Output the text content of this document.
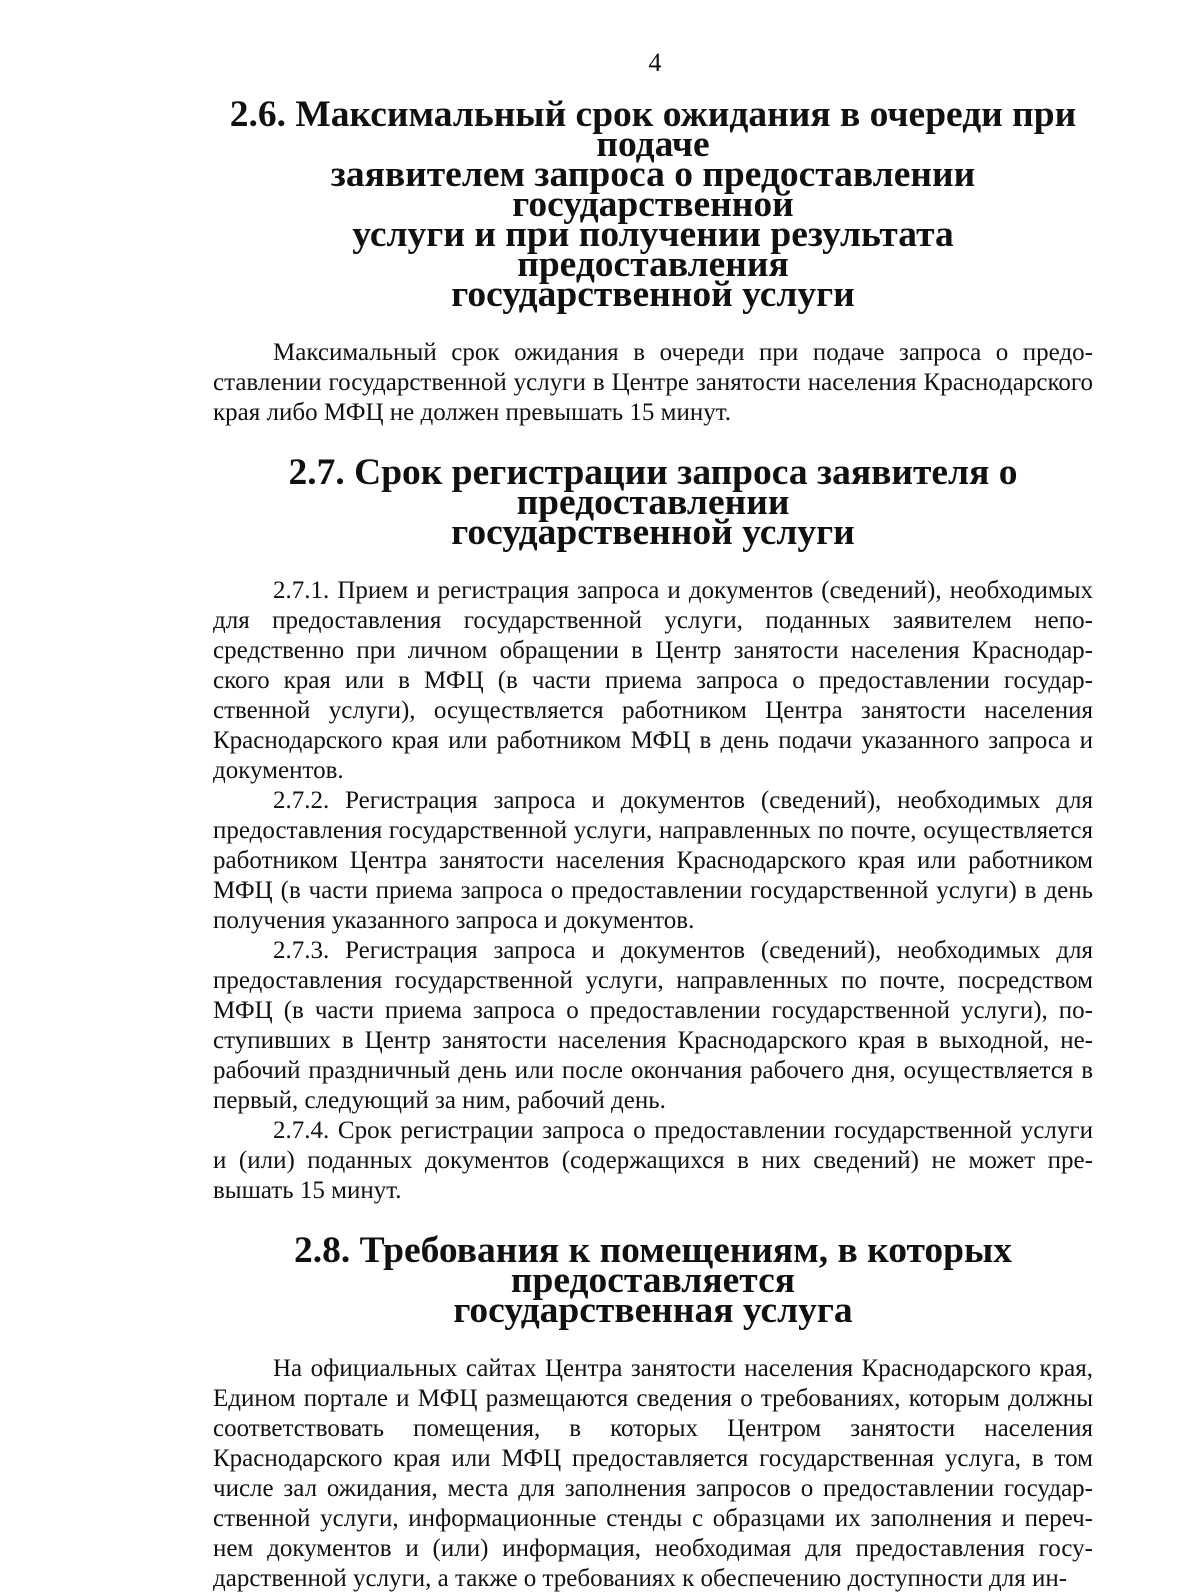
4
2.6. Максимальный срок ожидания в очереди при подаче
заявителем запроса о предоставлении государственной
услуги и при получении результата предоставления
государственной услуги

Максимальный срок ожидания в очереди при подаче запроса о предоставлении государственной услуги в Центре занятости населения Краснодарского края либо МФЦ не должен превышать 15 минут.

2.7. Срок регистрации запроса заявителя о предоставлении
государственной услуги

2.7.1. Прием и регистрация запроса и документов (сведений), необходимых для предоставления государственной услуги, поданных заявителем непосредственно при личном обращении в Центр занятости населения Краснодарского края или в МФЦ (в части приема запроса о предоставлении государственной услуги), осуществляется работником Центра занятости населения Краснодарского края или работником МФЦ в день подачи указанного запроса и документов.

2.7.2. Регистрация запроса и документов (сведений), необходимых для предоставления государственной услуги, направленных по почте, осуществляется работником Центра занятости населения Краснодарского края или работником МФЦ (в части приема запроса о предоставлении государственной услуги) в день получения указанного запроса и документов.

2.7.3. Регистрация запроса и документов (сведений), необходимых для предоставления государственной услуги, направленных по почте, посредством МФЦ (в части приема запроса о предоставлении государственной услуги), поступивших в Центр занятости населения Краснодарского края в выходной, нерабочий праздничный день или после окончания рабочего дня, осуществляется в первый, следующий за ним, рабочий день.

2.7.4. Срок регистрации запроса о предоставлении государственной услуги и (или) поданных документов (содержащихся в них сведений) не может превышать 15 минут.

2.8. Требования к помещениям, в которых предоставляется
государственная услуга

На официальных сайтах Центра занятости населения Краснодарского края, Едином портале и МФЦ размещаются сведения о требованиях, которым должны соответствовать помещения, в которых Центром занятости населения Краснодарского края или МФЦ предоставляется государственная услуга, в том числе зал ожидания, места для заполнения запросов о предоставлении государственной услуги, информационные стенды с образцами их заполнения и перечнем документов и (или) информация, необходимая для предоставления государственной услуги, а также о требованиях к обеспечению доступности для ин-
